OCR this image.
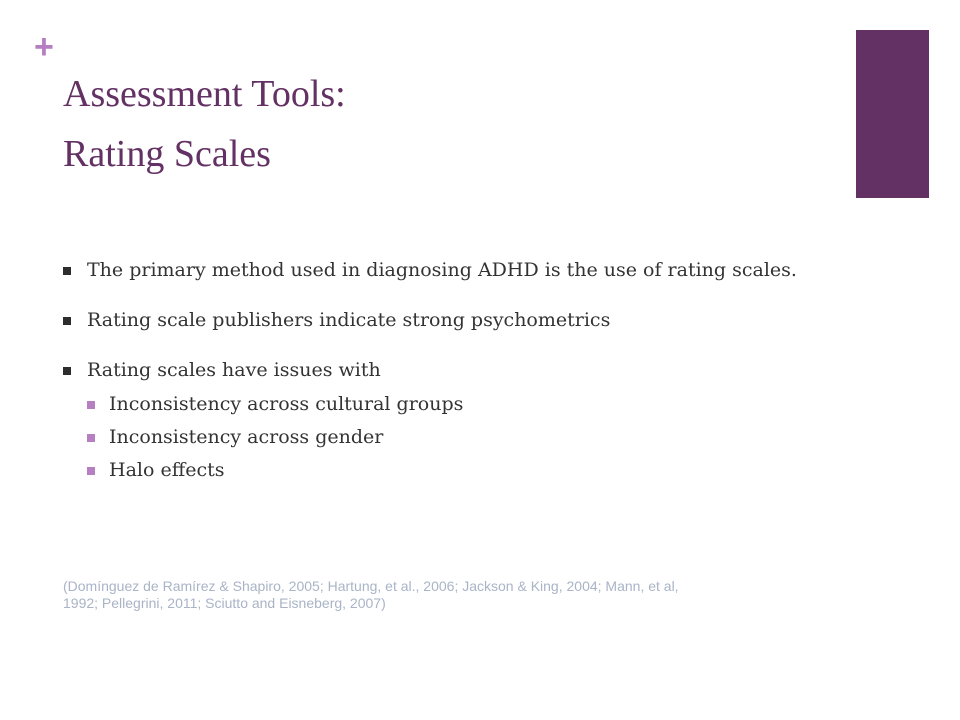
+
Assessment Tools:
Rating Scales
The primary method used in diagnosing ADHD is the use of rating scales.
Rating scale publishers indicate strong psychometrics
Rating scales have issues with
Inconsistency across cultural groups
Inconsistency across gender
Halo effects
(Domínguez de Ramírez & Shapiro, 2005; Hartung, et al., 2006; Jackson & King, 2004; Mann, et al,
1992; Pellegrini, 2011; Sciutto and Eisneberg, 2007)
